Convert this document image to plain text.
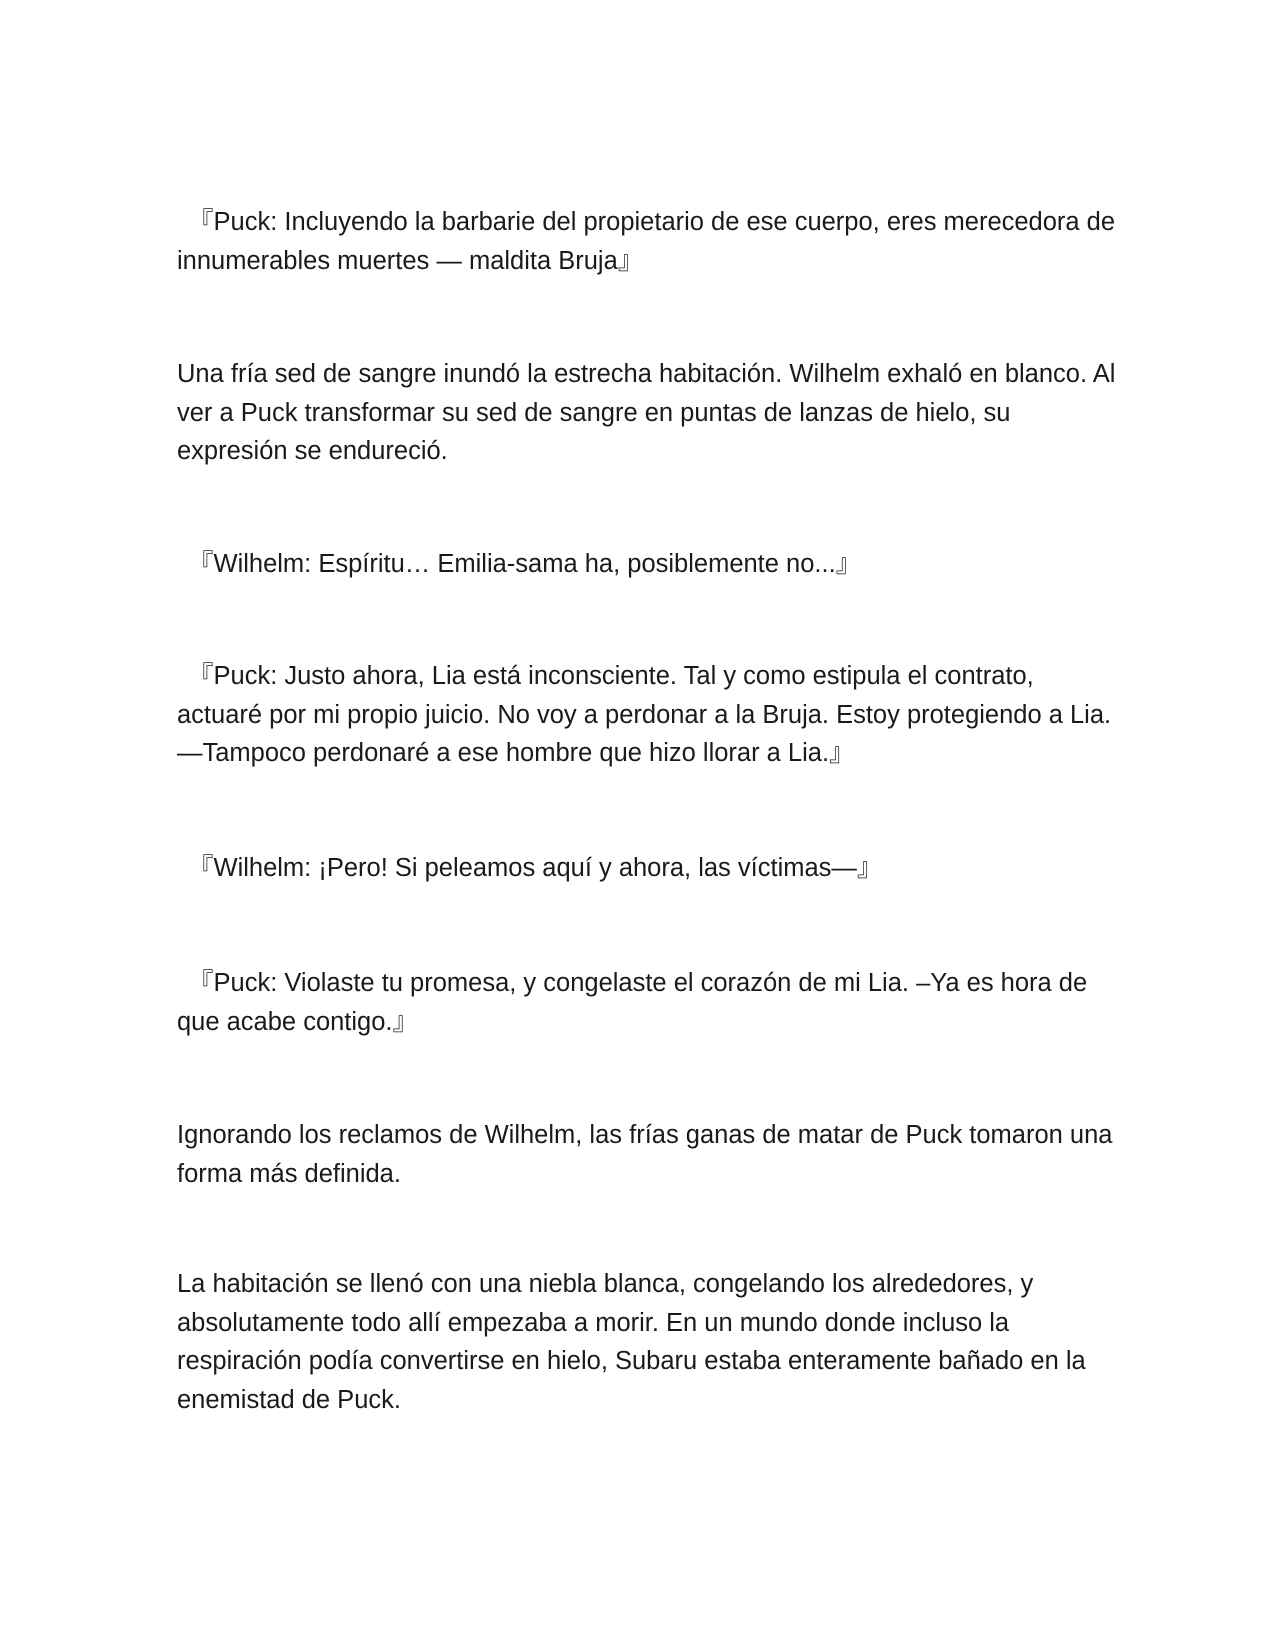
『Puck: Incluyendo la barbarie del propietario de ese cuerpo, eres merecedora de innumerables muertes — maldita Bruja』

Una fría sed de sangre inundó la estrecha habitación. Wilhelm exhaló en blanco. Al ver a Puck transformar su sed de sangre en puntas de lanzas de hielo, su expresión se endureció.

『Wilhelm: Espíritu… Emilia-sama ha, posiblemente no...』

『Puck: Justo ahora, Lia está inconsciente. Tal y como estipula el contrato, actuaré por mi propio juicio. No voy a perdonar a la Bruja. Estoy protegiendo a Lia. —Tampoco perdonaré a ese hombre que hizo llorar a Lia.』

『Wilhelm: ¡Pero! Si peleamos aquí y ahora, las víctimas—』

『Puck: Violaste tu promesa, y congelaste el corazón de mi Lia. –Ya es hora de que acabe contigo.』

Ignorando los reclamos de Wilhelm, las frías ganas de matar de Puck tomaron una forma más definida.

La habitación se llenó con una niebla blanca, congelando los alrededores, y absolutamente todo allí empezaba a morir. En un mundo donde incluso la respiración podía convertirse en hielo, Subaru estaba enteramente bañado en la enemistad de Puck.
